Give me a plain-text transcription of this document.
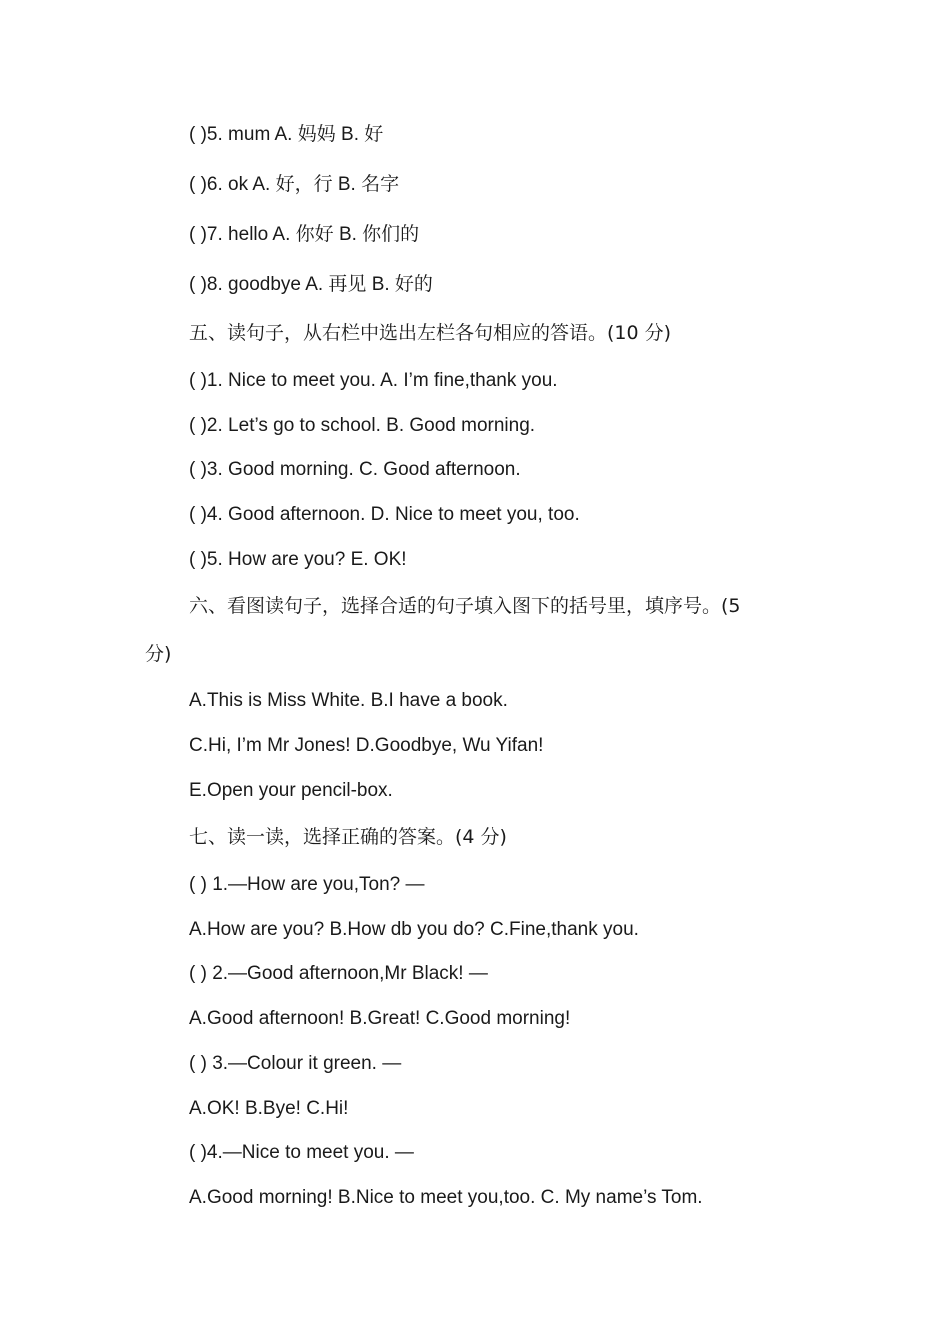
( )5. mum A. 妈妈 B. 好
( )6. ok A. 好，行 B. 名字
( )7. hello A. 你好 B. 你们的
( )8. goodbye A. 再见 B. 好的
五、读句子，从右栏中选出左栏各句相应的答语。(10 分)
( )1. Nice to meet you. A. I’m fine,thank you.
( )2. Let’s go to school. B. Good morning.
( )3. Good morning. C. Good afternoon.
( )4. Good afternoon. D. Nice to meet you, too.
( )5. How are you? E. OK!
六、看图读句子，选择合适的句子填入图下的括号里，填序号。(5
分)
A.This is Miss White. B.I have a book.
C.Hi, I’m Mr Jones! D.Goodbye, Wu Yifan!
E.Open your pencil-box.
七、读一读，选择正确的答案。(4 分)
( ) 1.—How are you,Ton? —
A.How are you? B.How db you do? C.Fine,thank you.
( ) 2.—Good afternoon,Mr Black! —
A.Good afternoon! B.Great! C.Good morning!
( ) 3.—Colour it green. —
A.OK! B.Bye! C.Hi!
( )4.—Nice to meet you. —
A.Good morning! B.Nice to meet you,too. C. My name’s Tom.
